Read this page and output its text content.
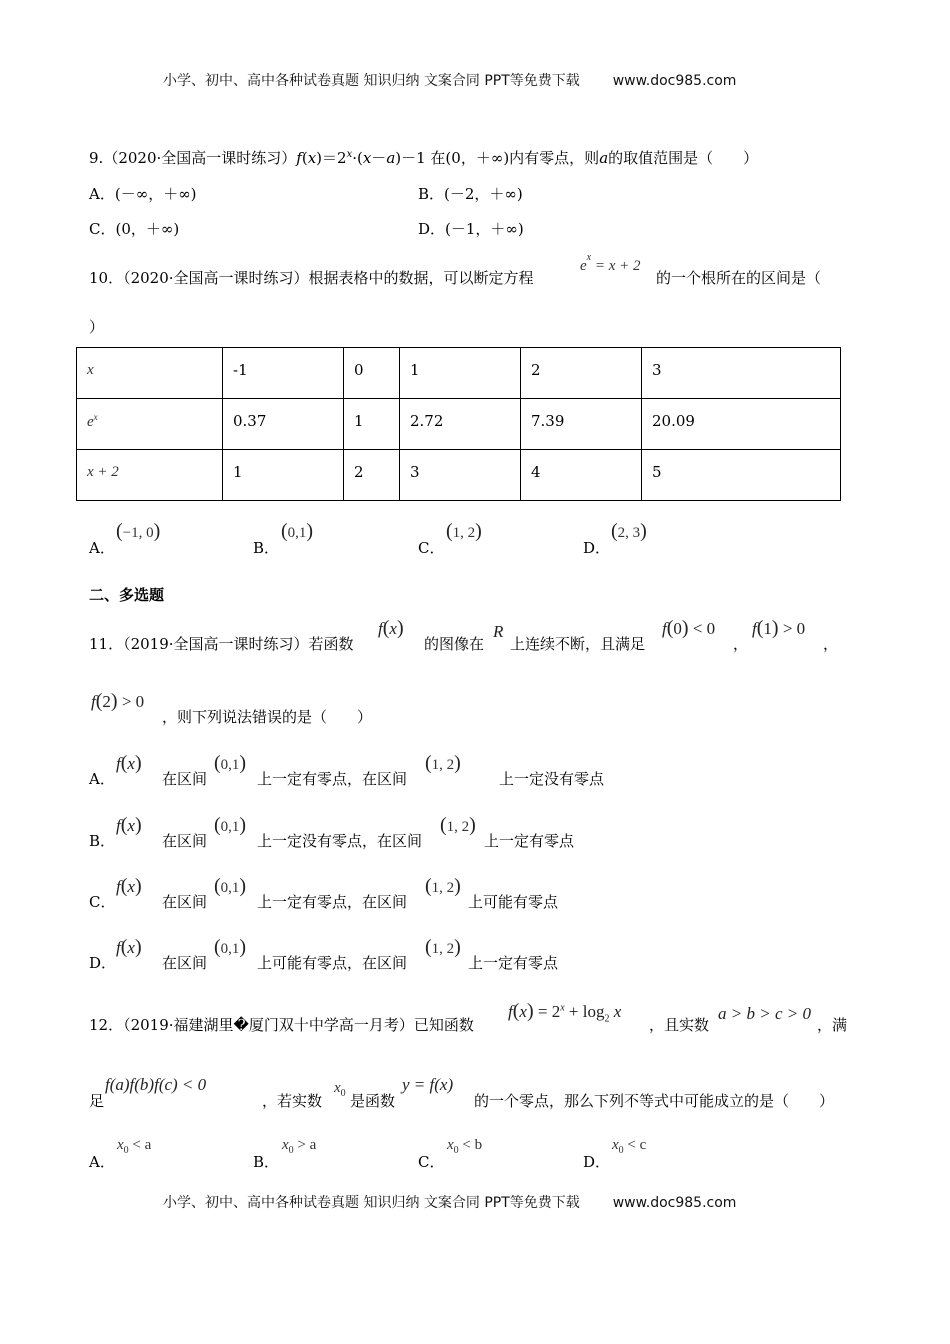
小学、初中、高中各种试卷真题 知识归纳 文案合同 PPT等免费下载 www.doc985.com
9.（2020·全国高一课时练习）$f(x)=2^x\cdot(x-a)-1$ 在(0，＋∞)内有零点，则a的取值范围是（　　）
A．(－∞，＋∞)	B．(－2，＋∞)
C．(0，＋∞)	D．(－1，＋∞)
10．（2020·全国高一课时练习）根据表格中的数据，可以断定方程
$e^x = x + 2$
的一个根所在的区间是（
）
x	-1	0	1	2	3
$e^x$	0.37	1	2.72	7.39	20.09
x + 2	1	2	3	4	5
A．
(−1, 0)
B．
(0,1)
C．
(1, 2)
D．
(2, 3)
二、多选题
11．（2019·全国高一课时练习）若函数
f(x)
的图像在
R
上连续不断，且满足
f(0) < 0
，
f(1) > 0
，
f(2) > 0
，则下列说法错误的是（　　）
A．
f(x)
在区间
(0,1)
上一定有零点，在区间
(1, 2)
上一定没有零点
B．
f(x)
在区间
(0,1)
上一定没有零点，在区间
(1, 2)
上一定有零点
C．
f(x)
在区间
(0,1)
上一定有零点，在区间
(1, 2)
上可能有零点
D．
f(x)
在区间
(0,1)
上可能有零点，在区间
(1, 2)
上一定有零点
12．（2019·福建湖里�厦门双十中学高一月考）已知函数
$f(x) = 2^x + \log_2 x$
，且实数
a > b > c > 0
，满
足
f(a)f(b)f(c) < 0
，若实数
$x_0$ 是函数
y = f(x)
的一个零点，那么下列不等式中可能成立的是（　　）
A．
$x_0 < a$
B．
$x_0 > a$
C．
$x_0 < b$
D．
$x_0 < c$
小学、初中、高中各种试卷真题 知识归纳 文案合同 PPT等免费下载 www.doc985.com
